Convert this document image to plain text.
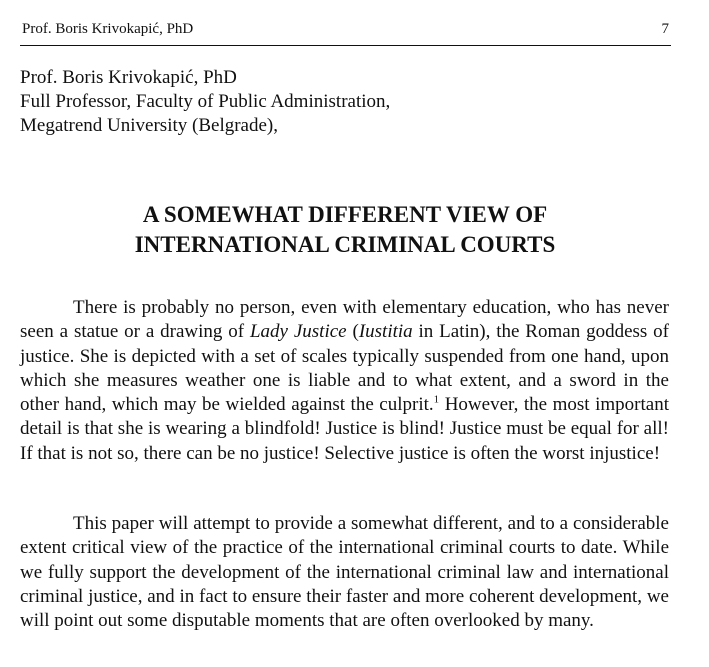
Prof. Boris Krivokapić, PhD	7
Prof. Boris Krivokapić, PhD
Full Professor, Faculty of Public Administration,
Megatrend University (Belgrade),
A SOMEWHAT DIFFERENT VIEW OF
INTERNATIONAL CRIMINAL COURTS

There is probably no person, even with elementary education, who has never seen a statue or a drawing of Lady Justice (Iustitia in Latin), the Roman goddess of justice. She is depicted with a set of scales typically suspended from one hand, upon which she measures weather one is liable and to what extent, and a sword in the other hand, which may be wielded against the culprit.$^1$ However, the most important detail is that she is wearing a blindfold! Justice is blind! Justice must be equal for all! If that is not so, there can be no justice! Selective justice is often the worst injustice!

This paper will attempt to provide a somewhat different, and to a considerable extent critical view of the practice of the international criminal courts to date. While we fully support the development of the international criminal law and international criminal justice, and in fact to ensure their faster and more coherent development, we will point out some disputable moments that are often overlooked by many.
